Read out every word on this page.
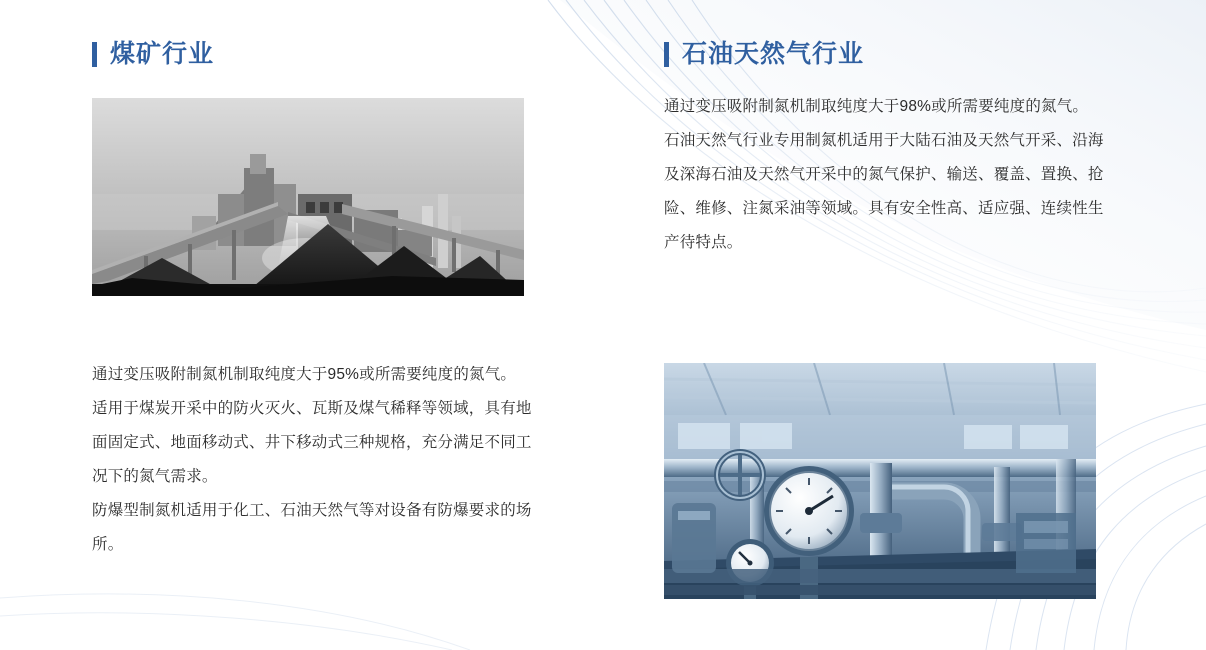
煤矿行业

通过变压吸附制氮机制取纯度大于95%或所需要纯度的氮气。

适用于煤炭开采中的防火灭火、瓦斯及煤气稀释等领域，具有地面固定式、地面移动式、井下移动式三种规格，充分满足不同工况下的氮气需求。

防爆型制氮机适用于化工、石油天然气等对设备有防爆要求的场所。

石油天然气行业

通过变压吸附制氮机制取纯度大于98%或所需要纯度的氮气。

石油天然气行业专用制氮机适用于大陆石油及天然气开采、沿海及深海石油及天然气开采中的氮气保护、输送、覆盖、置换、抢险、维修、注氮采油等领域。具有安全性高、适应强、连续性生产待特点。
